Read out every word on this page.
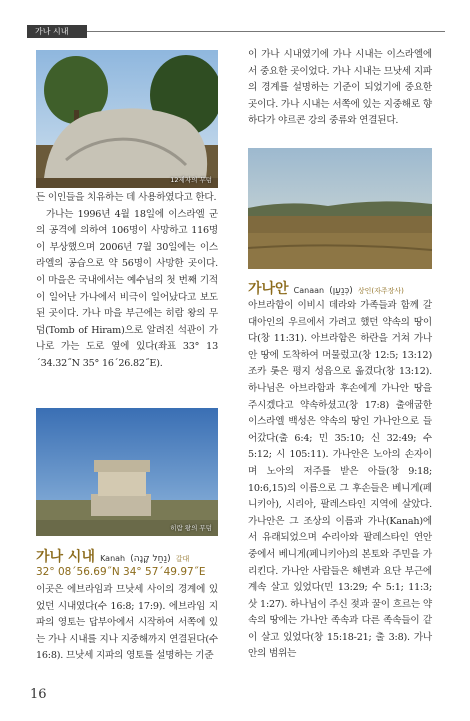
가나 시내
12제자의 무덤
히람 왕의 무덤

든 이인들을 치유하는 데 사용하였다고 한다.

가나는 1996년 4월 18일에 이스라엘 군의 공격에 의하여 106명이 사망하고 116명이 부상했으며 2006년 7월 30일에는 이스라엘의 공습으로 약 56명이 사망한 곳이다. 이 마을은 국내에서는 예수님의 첫 번째 기적이 일어난 가나에서 비극이 일어났다고 보도된 곳이다. 가나 마을 부근에는 히람 왕의 무덤(Tomb of Hiram)으로 알려진 석관이 가나로 가는 도로 옆에 있다(좌표 33° 13´34.32˝N 35° 16´26.82˝E).

가나 시내 Kanah (נַחַל קָנָה) 갈대
32° 08´56.69˝N 34° 57´49.97˝E

이곳은 에브라임과 므낫세 사이의 경계에 있었던 시내였다(수 16:8; 17:9). 에브라임 지파의 영토는 답부아에서 시작하여 서쪽에 있는 가나 시내를 지나 지중해까지 연결된다(수 16:8). 므낫세 지파의 영토를 설명하는 기준

이 가나 시내였기에 가나 시내는 이스라엘에서 중요한 곳이었다. 가나 시내는 므낫세 지파의 경계를 설명하는 기준이 되었기에 중요한 곳이다. 가나 시내는 서쪽에 있는 지중해로 향하다가 야르콘 강의 중류와 연결된다.

가나안 Canaan (כְּנַעַן) 상인(자주장사)

아브라함이 이비시 데라와 가족들과 함께 갈대아인의 우르에서 가려고 했던 약속의 땅이다(창 11:31). 아브라함은 하란을 거쳐 가나안 땅에 도착하여 머물렀고(창 12:5; 13:12) 조카 롯은 평지 성읍으로 옮겼다(창 13:12). 하나님은 아브라함과 후손에게 가나안 땅을 주시겠다고 약속하셨고(창 17:8) 출애굽한 이스라엘 백성은 약속의 땅인 가나안으로 들어갔다(출 6:4; 민 35:10; 신 32:49; 수 5:12; 시 105:11). 가나안은 노아의 손자이며 노아의 저주를 받은 아들(창 9:18; 10:6,15)의 이름으로 그 후손들은 베니게(페니키아), 시리아, 팔레스타인 지역에 살았다. 가나안은 그 조상의 이름과 가나(Kanah)에서 유래되었으며 수리아와 팔레스타인 연안 중에서 베니게(페니키아)의 본토와 주민을 가리킨다. 가나안 사람들은 해변과 요단 부근에 계속 살고 있었다(민 13:29; 수 5:1; 11:3; 삿 1:27). 하나님이 주신 젖과 꿀이 흐르는 약속의 땅에는 가나안 족속과 다른 족속들이 같이 살고 있었다(창 15:18-21; 출 3:8). 가나안의 범위는

16
